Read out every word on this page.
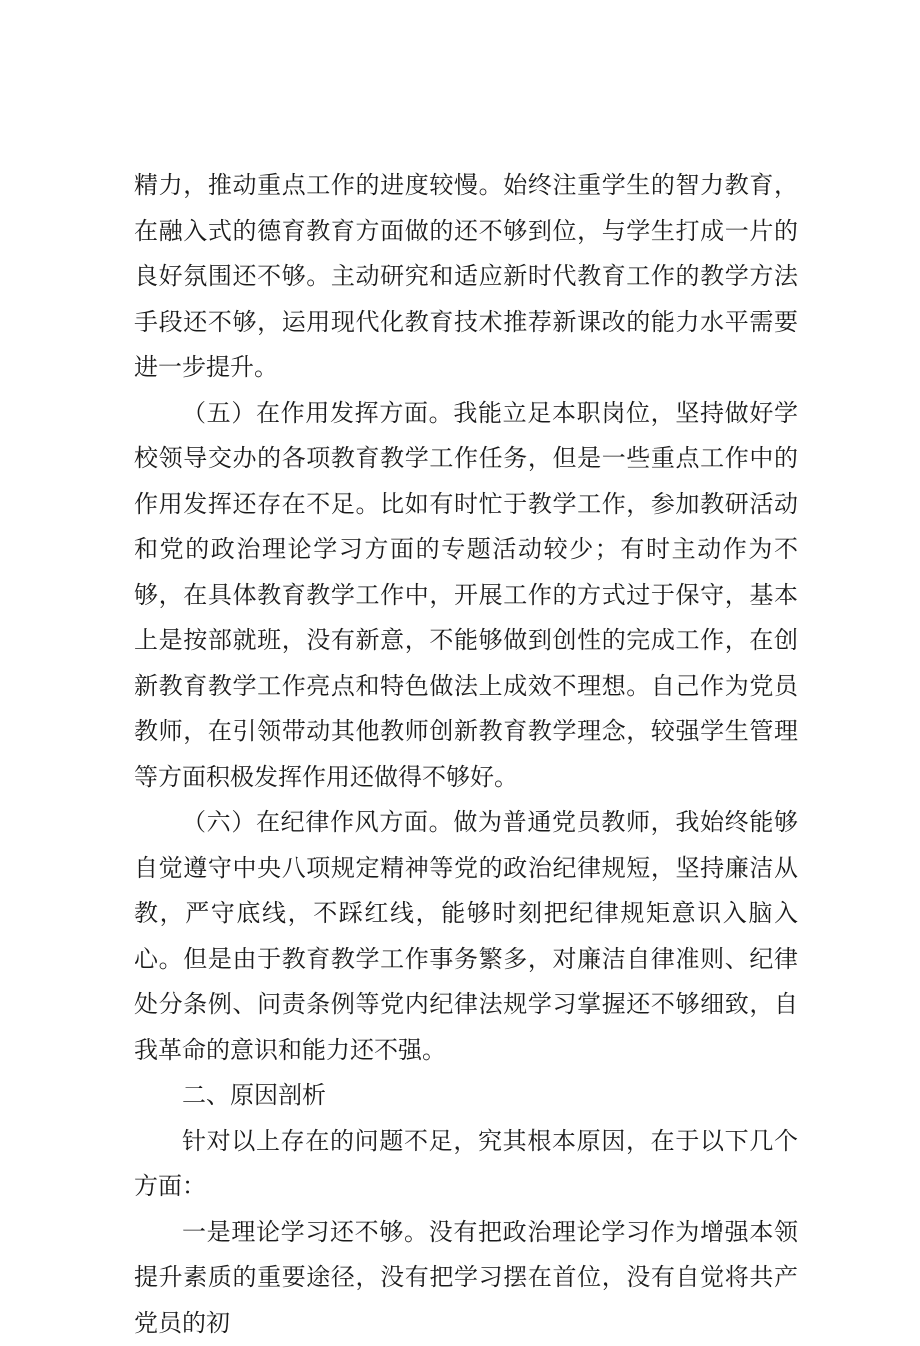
精力，推动重点工作的进度较慢。始终注重学生的智力教育，在融入式的德育教育方面做的还不够到位，与学生打成一片的良好氛围还不够。主动研究和适应新时代教育工作的教学方法手段还不够，运用现代化教育技术推荐新课改的能力水平需要进一步提升。

（五）在作用发挥方面。我能立足本职岗位，坚持做好学校领导交办的各项教育教学工作任务，但是一些重点工作中的作用发挥还存在不足。比如有时忙于教学工作，参加教研活动和党的政治理论学习方面的专题活动较少；有时主动作为不够，在具体教育教学工作中，开展工作的方式过于保守，基本上是按部就班，没有新意，不能够做到创性的完成工作，在创新教育教学工作亮点和特色做法上成效不理想。自己作为党员教师，在引领带动其他教师创新教育教学理念，较强学生管理等方面积极发挥作用还做得不够好。

（六）在纪律作风方面。做为普通党员教师，我始终能够自觉遵守中央八项规定精神等党的政治纪律规短，坚持廉洁从教，严守底线，不踩红线，能够时刻把纪律规矩意识入脑入心。但是由于教育教学工作事务繁多，对廉洁自律准则、纪律处分条例、问责条例等党内纪律法规学习掌握还不够细致，自我革命的意识和能力还不强。

二、原因剖析

针对以上存在的问题不足，究其根本原因，在于以下几个方面：

一是理论学习还不够。没有把政治理论学习作为增强本领提升素质的重要途径，没有把学习摆在首位，没有自觉将共产党员的初
